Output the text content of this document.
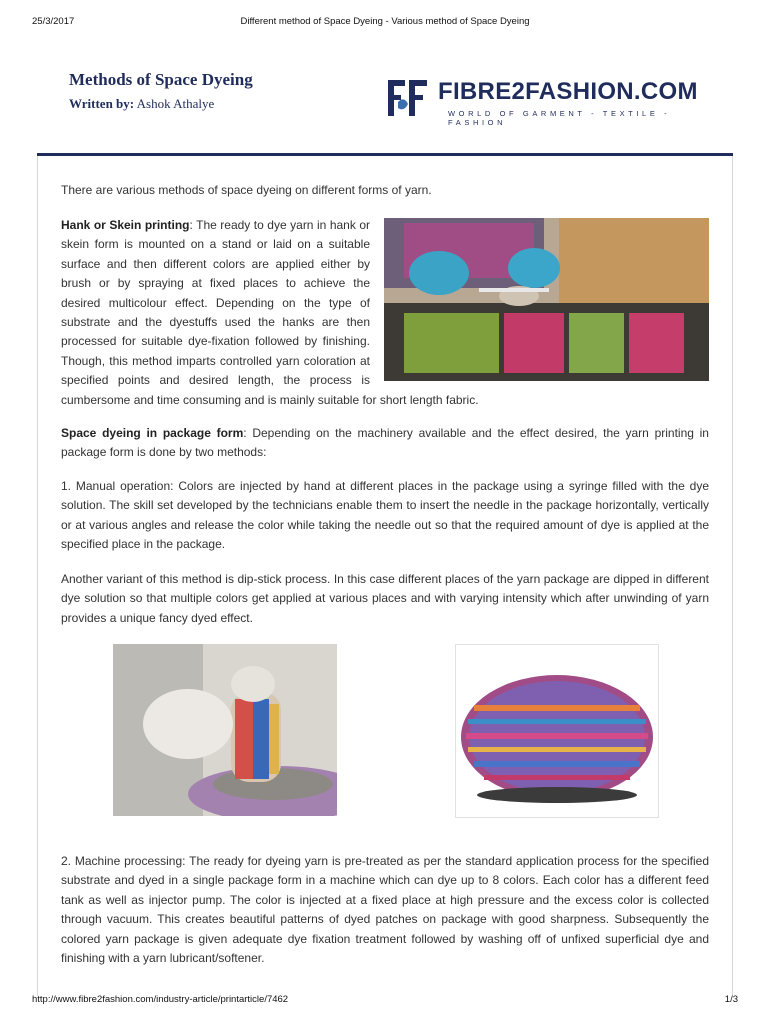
25/3/2017	Different method of Space Dyeing - Various method of Space Dyeing
Methods of Space Dyeing
Written by: Ashok Athalye	FIBRE2FASHION.COM
WORLD OF GARMENT - TEXTILE - FASHION
There are various methods of space dyeing on different forms of yarn.
Hank or Skein printing: The ready to dye yarn in hank or skein form is mounted on a stand or laid on a suitable surface and then different colors are applied either by brush or by spraying at fixed places to achieve the desired multicolour effect. Depending on the type of substrate and the dyestuffs used the hanks are then processed for suitable dye-fixation followed by finishing. Though, this method imparts controlled yarn coloration at specified points and desired length, the process is cumbersome and time consuming and is mainly suitable for short length fabric.
Space dyeing in package form: Depending on the machinery available and the effect desired, the yarn printing in package form is done by two methods:
1. Manual operation: Colors are injected by hand at different places in the package using a syringe filled with the dye solution. The skill set developed by the technicians enable them to insert the needle in the package horizontally, vertically or at various angles and release the color while taking the needle out so that the required amount of dye is applied at the specified place in the package.
Another variant of this method is dip-stick process. In this case different places of the yarn package are dipped in different dye solution so that multiple colors get applied at various places and with varying intensity which after unwinding of yarn provides a unique fancy dyed effect.
2. Machine processing: The ready for dyeing yarn is pre-treated as per the standard application process for the specified substrate and dyed in a single package form in a machine which can dye up to 8 colors. Each color has a different feed tank as well as injector pump. The color is injected at a fixed place at high pressure and the excess color is collected through vacuum. This creates beautiful patterns of dyed patches on package with good sharpness. Subsequently the colored yarn package is given adequate dye fixation treatment followed by washing off of unfixed superficial dye and finishing with a yarn lubricant/softener.
http://www.fibre2fashion.com/industry-article/printarticle/7462	1/3
